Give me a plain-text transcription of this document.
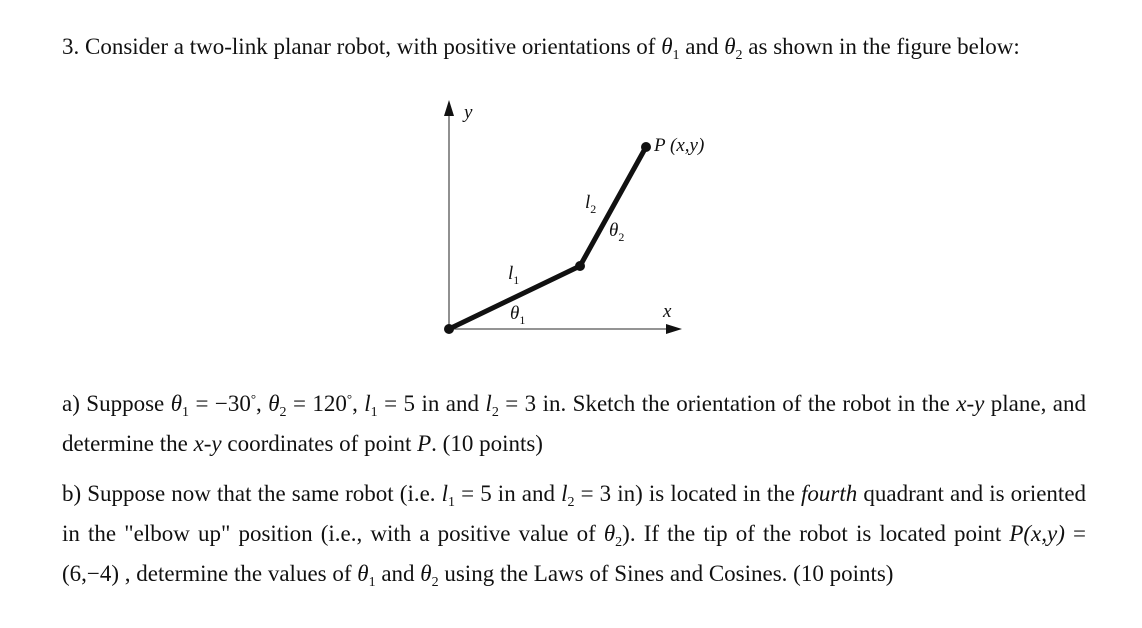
3. Consider a two-link planar robot, with positive orientations of $\theta_1$ and $\theta_2$ as shown in the figure below:
y
x
P (x,y)
$l_1$
$l_2$
$\theta_1$
$\theta_2$
a) Suppose $\theta_1 = -30^\circ$, $\theta_2 = 120^\circ$, $l_1 = 5$ in and $l_2 = 3$ in. Sketch the orientation of the robot in the x-y plane, and determine the x-y coordinates of point P. (10 points)
b) Suppose now that the same robot (i.e. $l_1 = 5$ in and $l_2 = 3$ in) is located in the fourth quadrant and is oriented in the "elbow up" position (i.e., with a positive value of $\theta_2$). If the tip of the robot is located point P(x,y) = (6,−4) , determine the values of $\theta_1$ and $\theta_2$ using the Laws of Sines and Cosines. (10 points)
